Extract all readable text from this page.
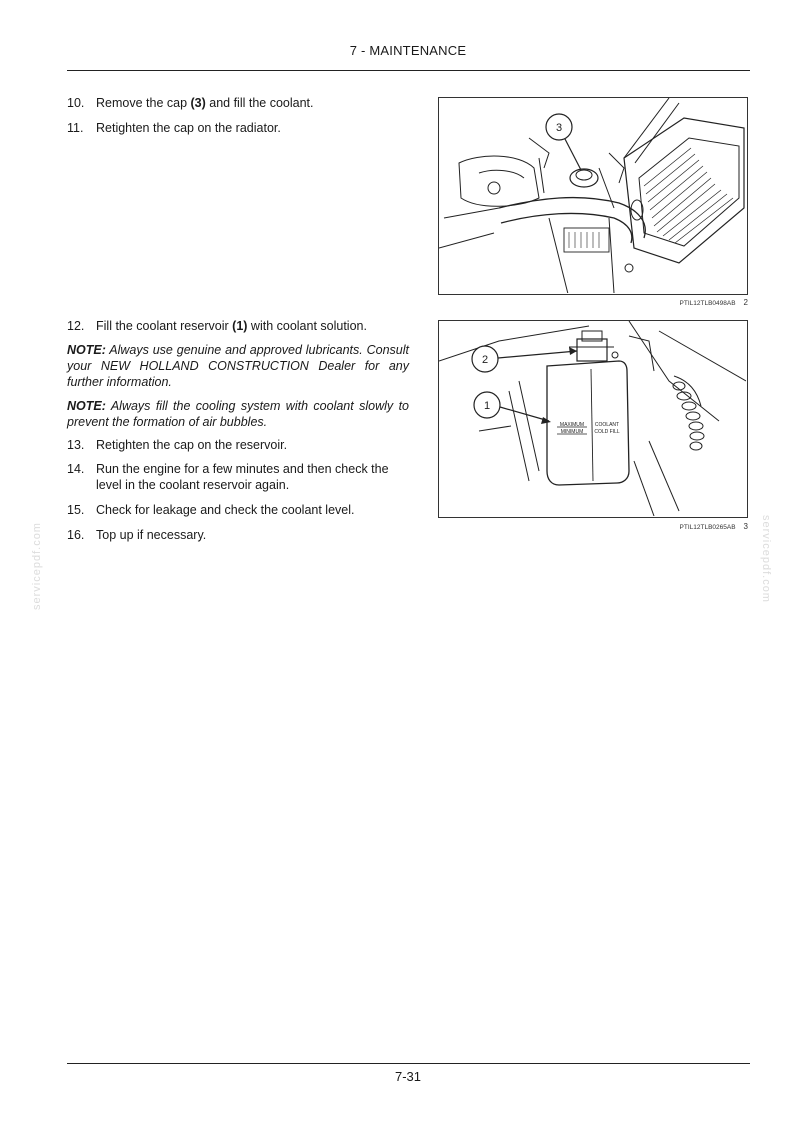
7 - MAINTENANCE
servicepdf.com	servicepdf.com
10. Remove the cap (3) and fill the coolant.
11. Retighten the cap on the radiator.
12. Fill the coolant reservoir (1) with coolant solution.
NOTE: Always use genuine and approved lubricants. Consult your NEW HOLLAND CONSTRUCTION Dealer for any further information.
NOTE: Always fill the cooling system with coolant slowly to prevent the formation of air bubbles.
13. Retighten the cap on the reservoir.
14. Run the engine for a few minutes and then check the level in the coolant reservoir again.
15. Check for leakage and check the coolant level.
16. Top up if necessary.
3
PTIL12TLB0498AB 2
MAXIMUM
MINIMUM
COOLANT
COLD FILL
2
1
PTIL12TLB0265AB 3
7-31
